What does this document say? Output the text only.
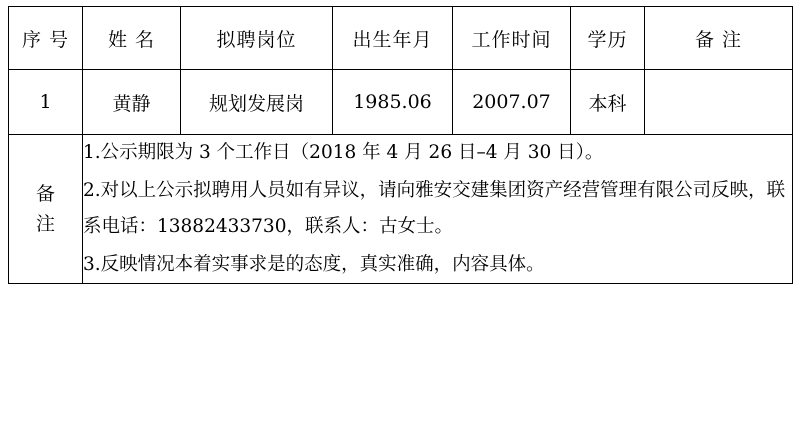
序 号	姓 名	拟聘岗位	出生年月	工作时间	学历	备 注
1	黄静	规划发展岗	1985.06	2007.07	本科	

备
注

1.公示期限为 3 个工作日（2018 年 4 月 26 日–4 月 30 日）。

2.对以上公示拟聘用人员如有异议，请向雅安交建集团资产经营管理有限公司反映，联系电话：13882433730，联系人：古女士。

3.反映情况本着实事求是的态度，真实准确，内容具体。
